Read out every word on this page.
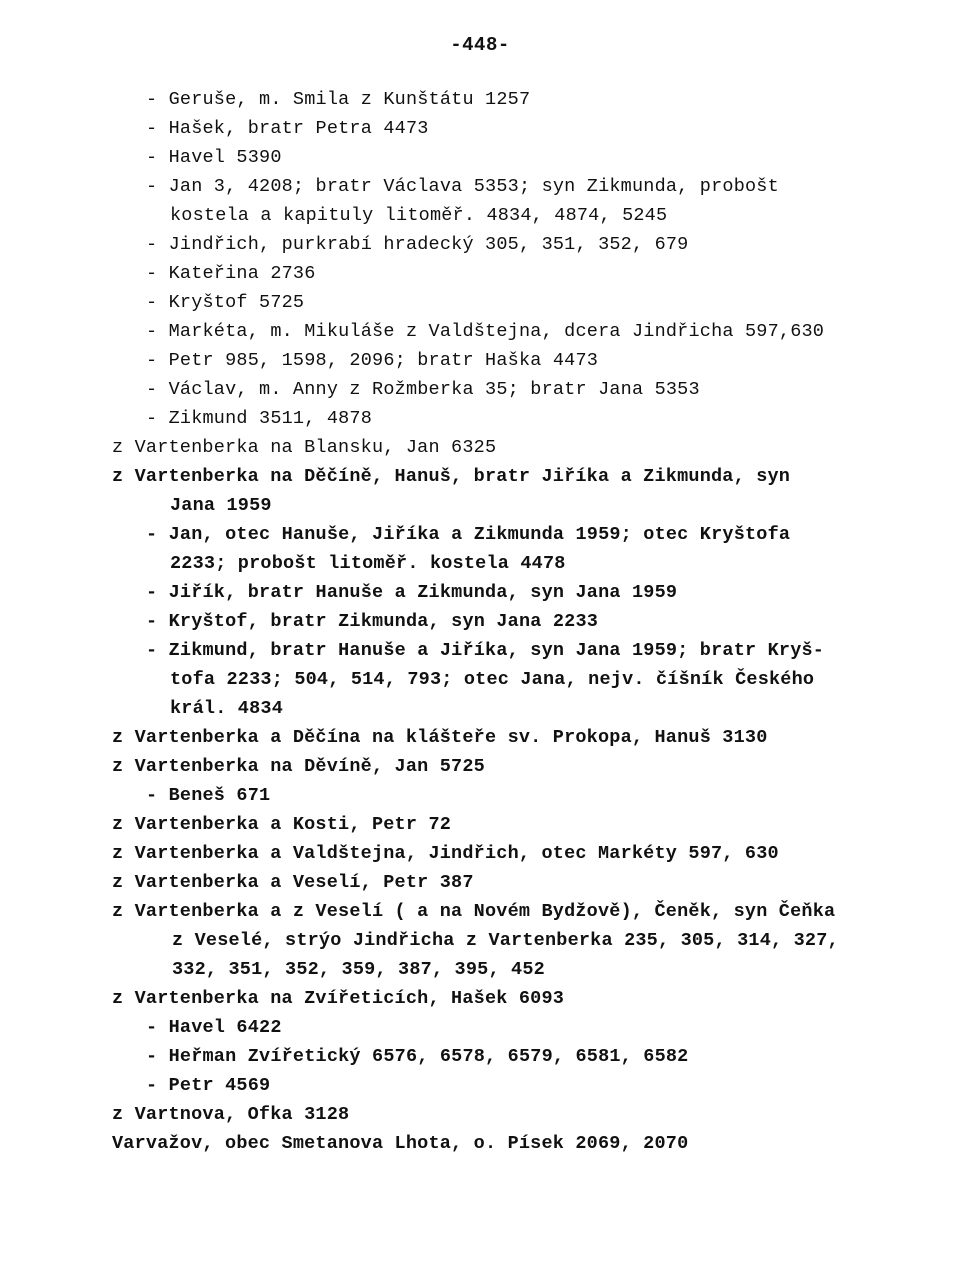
-448-
- Geruše, m. Smila z Kunštátu 1257
- Hašek, bratr Petra 4473
- Havel 5390
- Jan 3, 4208; bratr Václava 5353; syn Zikmunda, probošt
kostela a kapituly litoměř. 4834, 4874, 5245
- Jindřich, purkrabí hradecký 305, 351, 352, 679
- Kateřina 2736
- Kryštof 5725
- Markéta, m. Mikuláše z Valdštejna, dcera Jindřicha 597,630
- Petr 985, 1598, 2096; bratr Haška 4473
- Václav, m. Anny z Rožmberka 35; bratr Jana 5353
- Zikmund 3511, 4878
z Vartenberka na Blansku, Jan 6325
z Vartenberka na Děčíně, Hanuš, bratr Jiříka a Zikmunda, syn
Jana 1959
- Jan, otec Hanuše, Jiříka a Zikmunda 1959; otec Kryštofa
2233; probošt litoměř. kostela 4478
- Jiřík, bratr Hanuše a Zikmunda, syn Jana 1959
- Kryštof, bratr Zikmunda, syn Jana 2233
- Zikmund, bratr Hanuše a Jiříka, syn Jana 1959; bratr Kryš-
tofa 2233; 504, 514, 793; otec Jana, nejv. číšník Českého
král. 4834
z Vartenberka a Děčína na klášteře sv. Prokopa, Hanuš 3130
z Vartenberka na Děvíně, Jan 5725
- Beneš 671
z Vartenberka a Kosti, Petr 72
z Vartenberka a Valdštejna, Jindřich, otec Markéty 597, 630
z Vartenberka a Veselí, Petr 387
z Vartenberka a z Veselí ( a na Novém Bydžově), Čeněk, syn Čeňka
z Veselé, strýo Jindřicha z Vartenberka 235, 305, 314, 327,
332, 351, 352, 359, 387, 395, 452
z Vartenberka na Zvířeticích, Hašek 6093
- Havel 6422
- Heřman Zvířetický 6576, 6578, 6579, 6581, 6582
- Petr 4569
z Vartnova, Ofka 3128
Varvažov, obec Smetanova Lhota, o. Písek 2069, 2070
